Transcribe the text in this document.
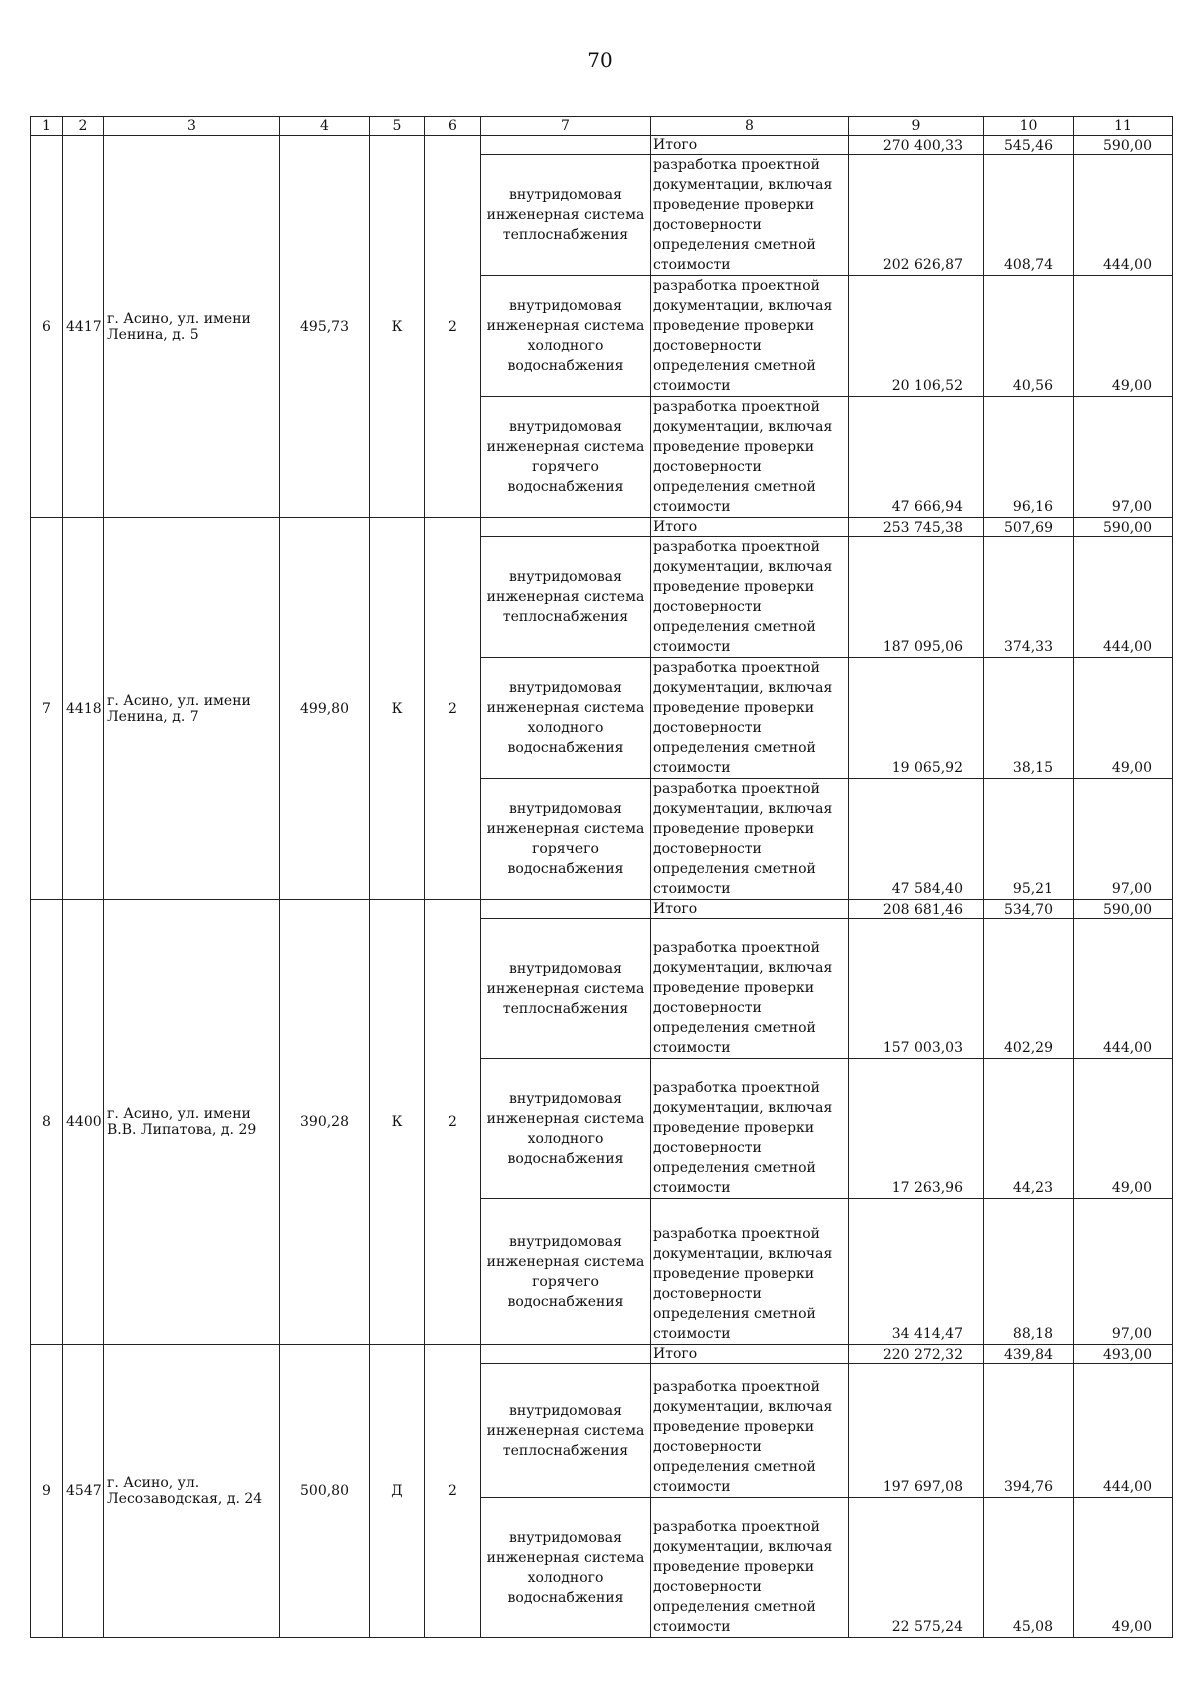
70
1	2	3	4	5	6	7	8	9	10	11
6	4417	г. Асино, ул. имени Ленина, д. 5	495,73	К	2		Итого	270 400,33	545,46	590,00
						внутридомовая инженерная система теплоснабжения	разработка проектной документации, включая проведение проверки достоверности определения сметной стоимости	202 626,87	408,74	444,00
						внутридомовая инженерная система холодного водоснабжения	разработка проектной документации, включая проведение проверки достоверности определения сметной стоимости	20 106,52	40,56	49,00
						внутридомовая инженерная система горячего водоснабжения	разработка проектной документации, включая проведение проверки достоверности определения сметной стоимости	47 666,94	96,16	97,00
7	4418	г. Асино, ул. имени Ленина, д. 7	499,80	К	2		Итого	253 745,38	507,69	590,00
						внутридомовая инженерная система теплоснабжения	разработка проектной документации, включая проведение проверки достоверности определения сметной стоимости	187 095,06	374,33	444,00
						внутридомовая инженерная система холодного водоснабжения	разработка проектной документации, включая проведение проверки достоверности определения сметной стоимости	19 065,92	38,15	49,00
						внутридомовая инженерная система горячего водоснабжения	разработка проектной документации, включая проведение проверки достоверности определения сметной стоимости	47 584,40	95,21	97,00
8	4400	г. Асино, ул. имени В.В. Липатова, д. 29	390,28	К	2		Итого	208 681,46	534,70	590,00
						внутридомовая инженерная система теплоснабжения	разработка проектной документации, включая проведение проверки достоверности определения сметной стоимости	157 003,03	402,29	444,00
						внутридомовая инженерная система холодного водоснабжения	разработка проектной документации, включая проведение проверки достоверности определения сметной стоимости	17 263,96	44,23	49,00
						внутридомовая инженерная система горячего водоснабжения	разработка проектной документации, включая проведение проверки достоверности определения сметной стоимости	34 414,47	88,18	97,00
9	4547	г. Асино, ул. Лесозаводская, д. 24	500,80	Д	2		Итого	220 272,32	439,84	493,00
						внутридомовая инженерная система теплоснабжения	разработка проектной документации, включая проведение проверки достоверности определения сметной стоимости	197 697,08	394,76	444,00
						внутридомовая инженерная система холодного водоснабжения	разработка проектной документации, включая проведение проверки достоверности определения сметной стоимости	22 575,24	45,08	49,00
